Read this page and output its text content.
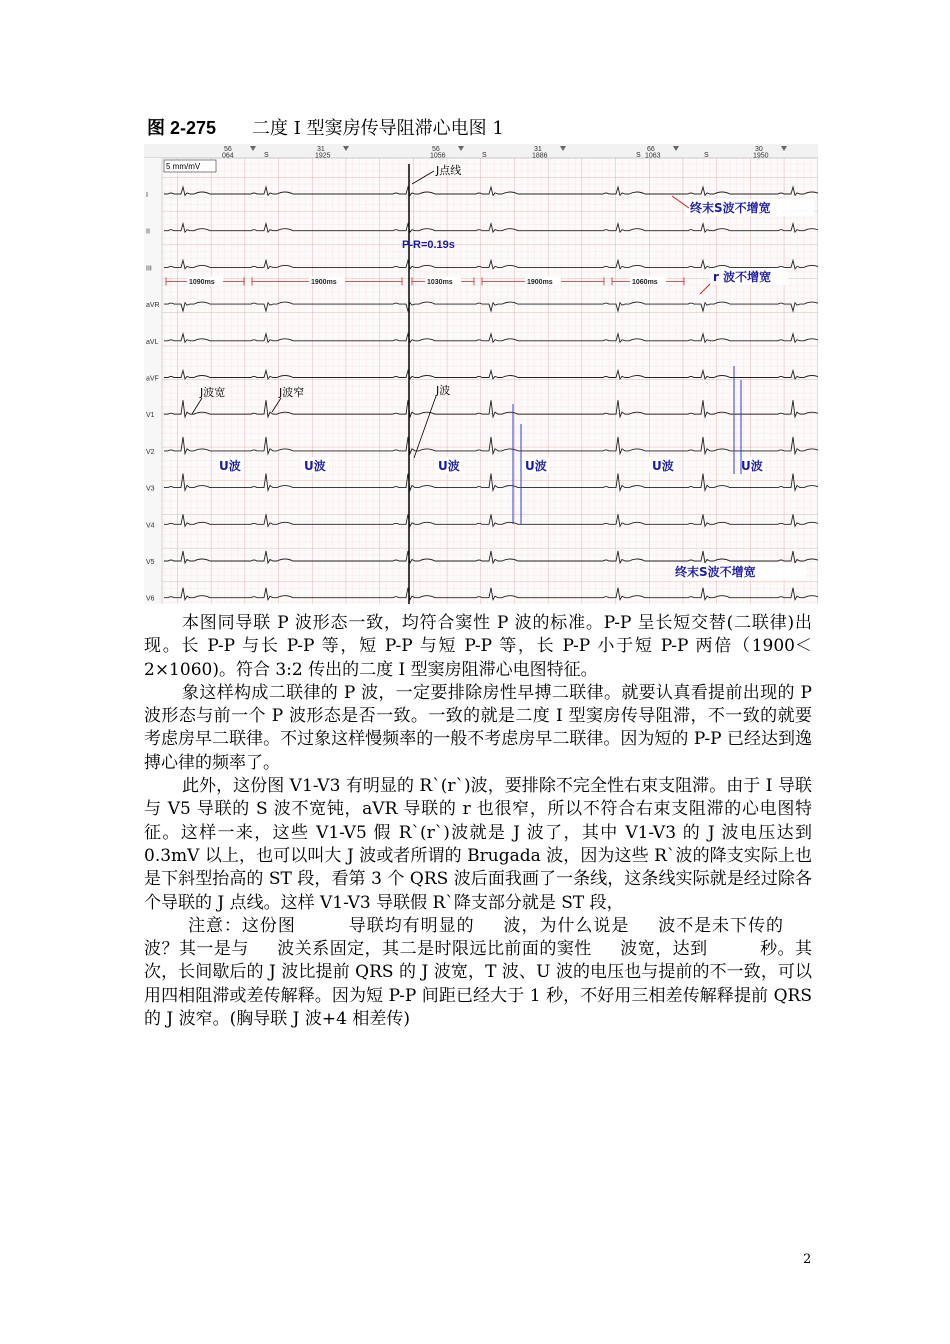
图 2-275 二度 I 型窦房传导阻滞心电图 1
56
064
31
1925
56
1056
31
1886
66
1063
30
1950
S	S	S	S
I
II
III
aVR
aVL
aVF
V1
V2
V3
V4
V5
V6
5 mm/mV	J点线
P-R=0.19s
终末S波不增宽
r 波不增宽
终末S波不增宽
J波宽	J波窄	J波
U波	U波	U波	U波	U波	U波
1090ms	1900ms	1030ms	1900ms	1060ms

本图同导联 P 波形态一致，均符合窦性 P 波的标准。P-P 呈长短交替(二联律)出现。长 P-P 与长 P-P 等，短 P-P 与短 P-P 等，长 P-P 小于短 P-P 两倍（1900＜2×1060)。符合 3:2 传出的二度 I 型窦房阻滞心电图特征。

象这样构成二联律的 P 波，一定要排除房性早搏二联律。就要认真看提前出现的 P 波形态与前一个 P 波形态是否一致。一致的就是二度 I 型窦房传导阻滞，不一致的就要考虑房早二联律。不过象这样慢频率的一般不考虑房早二联律。因为短的 P-P 已经达到逸搏心律的频率了。

此外，这份图 V1-V3 有明显的 R`(r`)波，要排除不完全性右束支阻滞。由于 I 导联与 V5 导联的 S 波不宽钝，aVR 导联的 r 也很窄，所以不符合右束支阻滞的心电图特征。这样一来，这些 V1-V5 假 R`(r`)波就是 J 波了，其中 V1-V3 的 J 波电压达到 0.3mV 以上，也可以叫大 J 波或者所谓的 Brugada 波，因为这些 R`波的降支实际上也是下斜型抬高的 ST 段，看第 3 个 QRS 波后面我画了一条线，这条线实际就是经过除各个导联的 J 点线。这样 V1-V3 导联假 R`降支部分就是 ST 段，

注意：这份图	导联均有明显的 波，为什么说是 波不是未下传的波？其一是与 波关系固定，其二是时限远比前面的窦性 波宽，达到	秒。其次，长间歇后的 J 波比提前 QRS 的 J 波宽，T 波、U 波的电压也与提前的不一致，可以用四相阻滞或差传解释。因为短 P-P 间距已经大于 1 秒，不好用三相差传解释提前 QRS 的 J 波窄。(胸导联 J 波+4 相差传)

2
